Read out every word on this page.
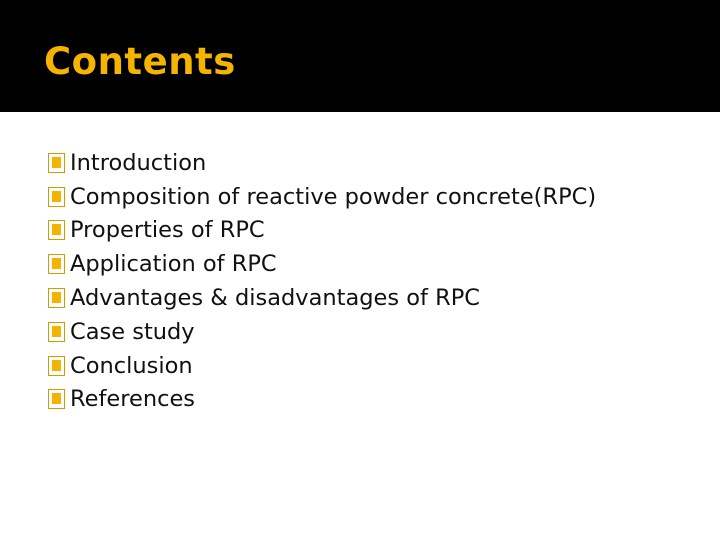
Contents
Introduction
Composition of reactive powder concrete(RPC)
Properties of RPC
Application of RPC
Advantages & disadvantages of RPC
Case study
Conclusion
References
